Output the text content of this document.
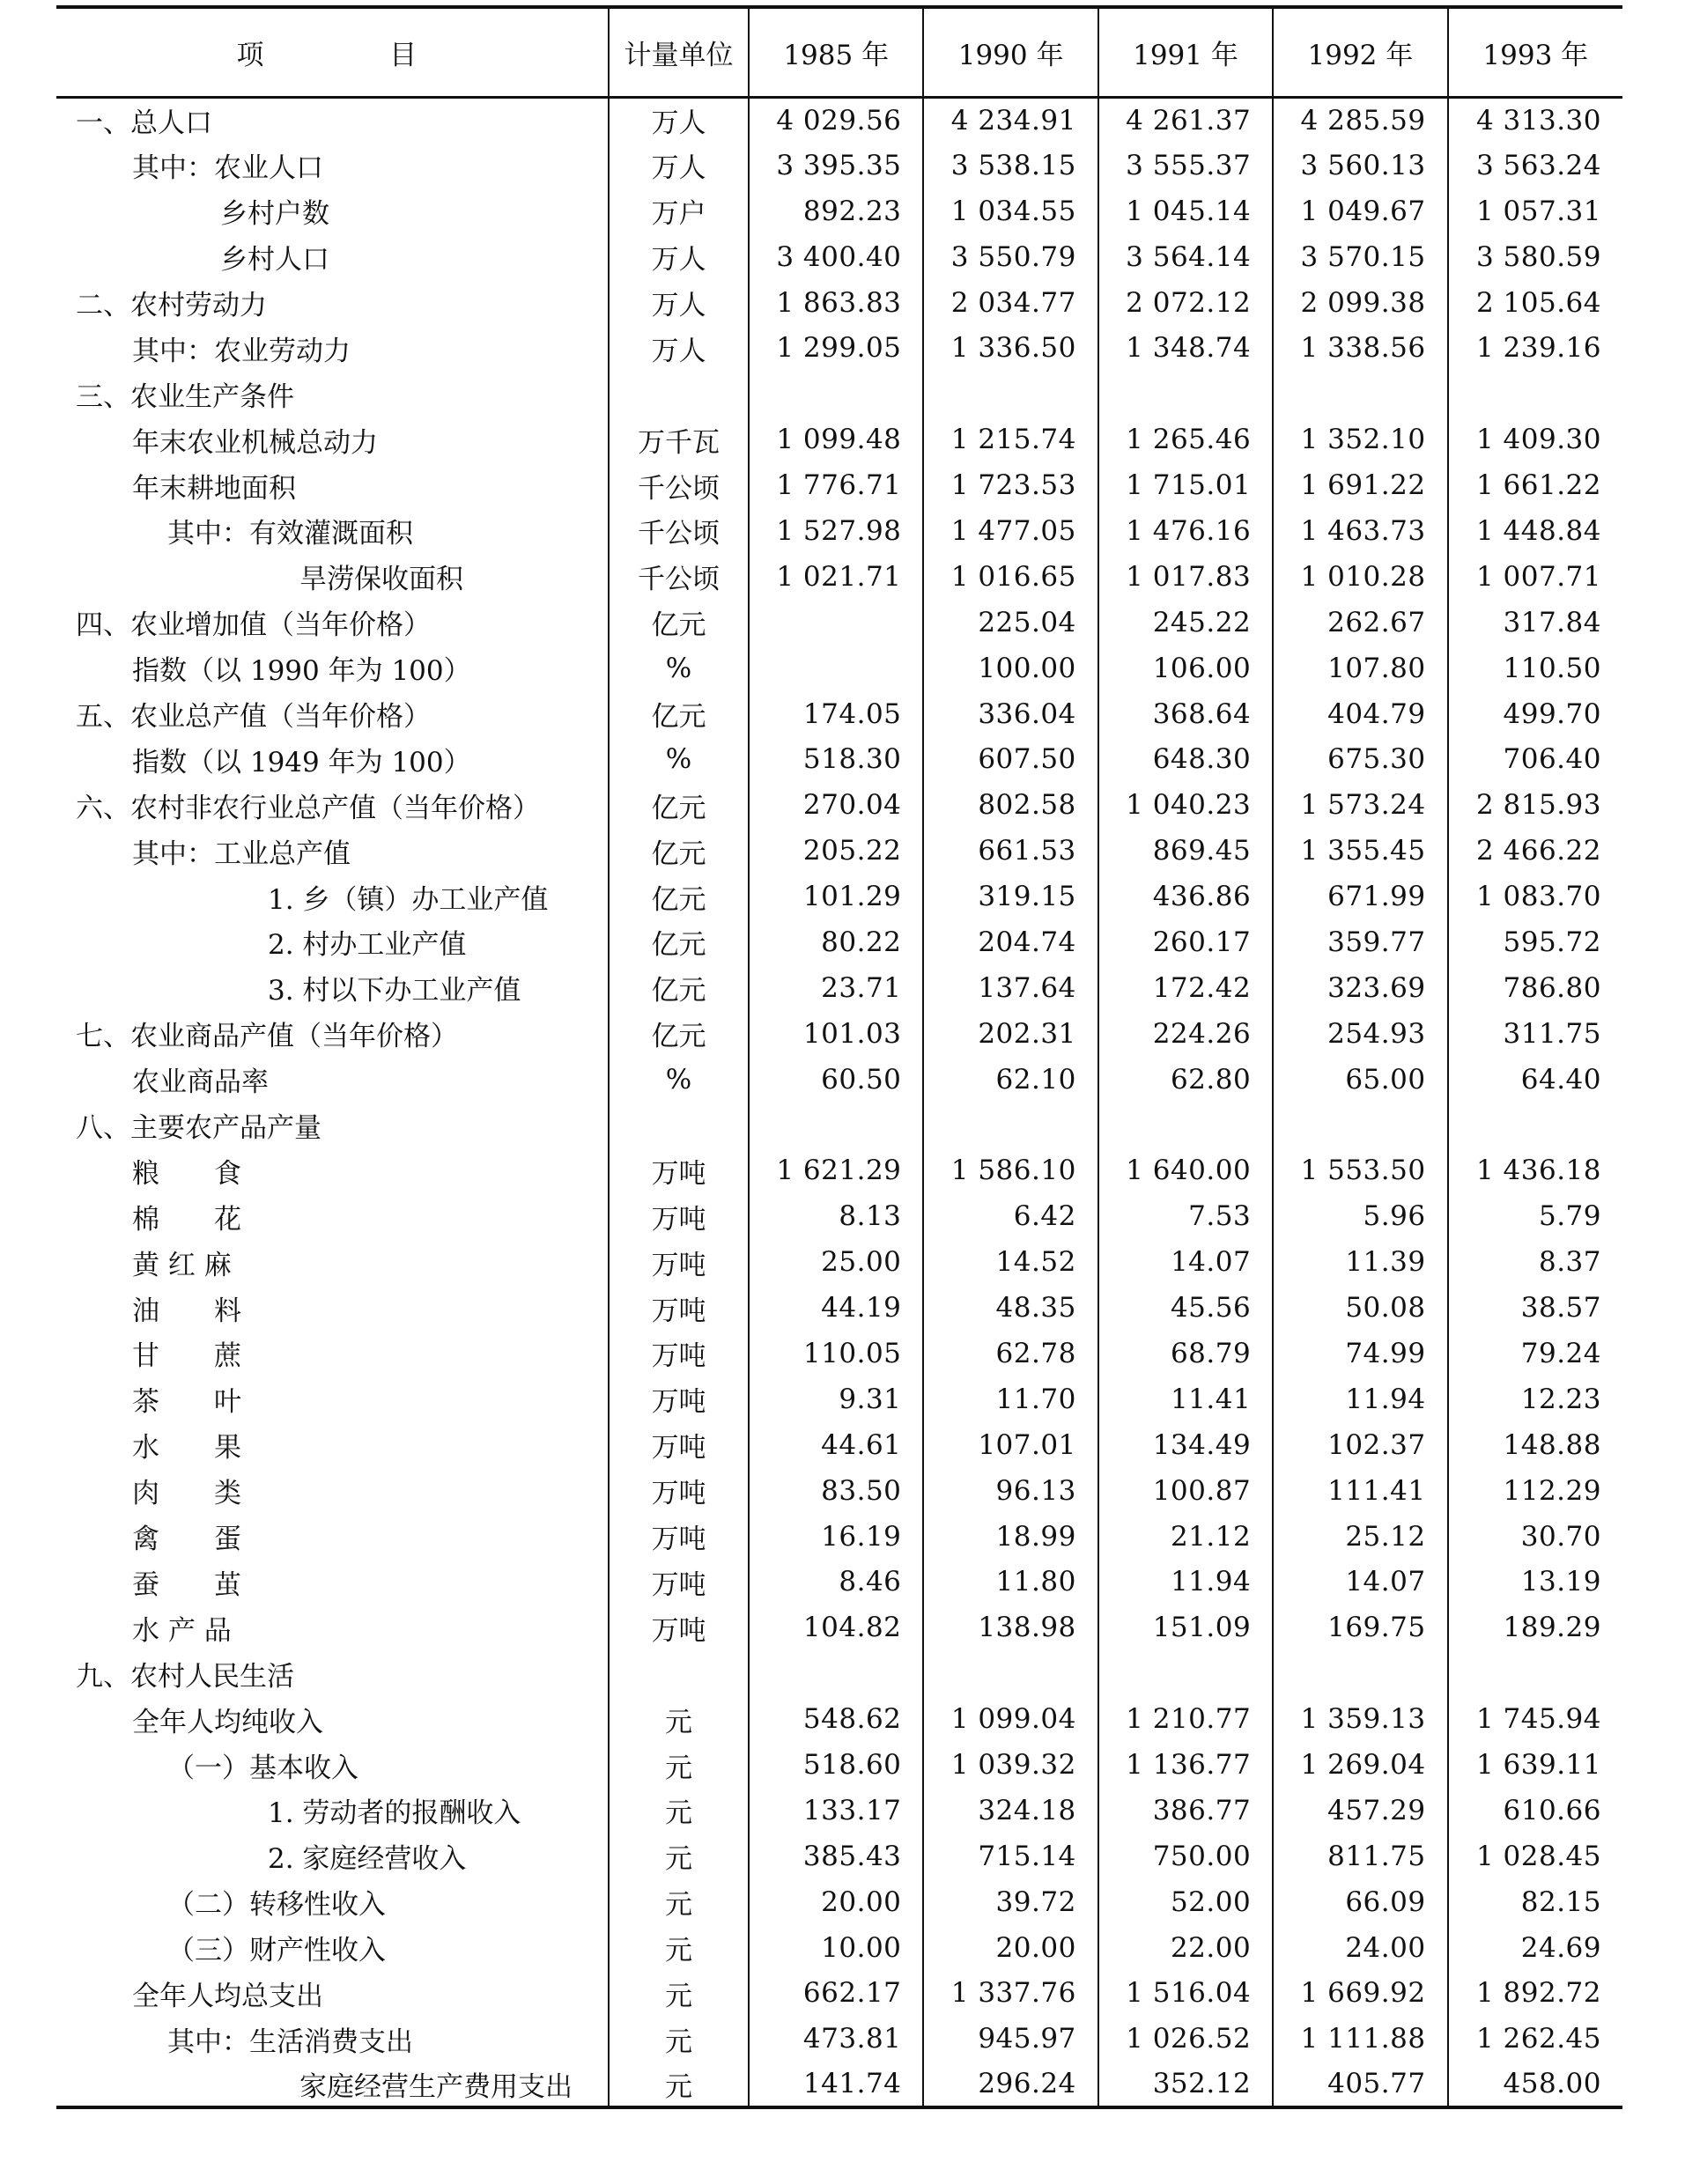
项　　　目	计量单位	1985 年	1990 年	1991 年	1992 年	1993 年
一、总人口	万人	4 029.56	4 234.91	4 261.37	4 285.59	4 313.30
其中：农业人口	万人	3 395.35	3 538.15	3 555.37	3 560.13	3 563.24
乡村户数	万户	892.23	1 034.55	1 045.14	1 049.67	1 057.31
乡村人口	万人	3 400.40	3 550.79	3 564.14	3 570.15	3 580.59
二、农村劳动力	万人	1 863.83	2 034.77	2 072.12	2 099.38	2 105.64
其中：农业劳动力	万人	1 299.05	1 336.50	1 348.74	1 338.56	1 239.16
三、农业生产条件						
年末农业机械总动力	万千瓦	1 099.48	1 215.74	1 265.46	1 352.10	1 409.30
年末耕地面积	千公顷	1 776.71	1 723.53	1 715.01	1 691.22	1 661.22
其中：有效灌溉面积	千公顷	1 527.98	1 477.05	1 476.16	1 463.73	1 448.84
旱涝保收面积	千公顷	1 021.71	1 016.65	1 017.83	1 010.28	1 007.71
四、农业增加值（当年价格）	亿元		225.04	245.22	262.67	317.84
指数（以 1990 年为 100）	%		100.00	106.00	107.80	110.50
五、农业总产值（当年价格）	亿元	174.05	336.04	368.64	404.79	499.70
指数（以 1949 年为 100）	%	518.30	607.50	648.30	675.30	706.40
六、农村非农行业总产值（当年价格）	亿元	270.04	802.58	1 040.23	1 573.24	2 815.93
其中：工业总产值	亿元	205.22	661.53	869.45	1 355.45	2 466.22
1. 乡（镇）办工业产值	亿元	101.29	319.15	436.86	671.99	1 083.70
2. 村办工业产值	亿元	80.22	204.74	260.17	359.77	595.72
3. 村以下办工业产值	亿元	23.71	137.64	172.42	323.69	786.80
七、农业商品产值（当年价格）	亿元	101.03	202.31	224.26	254.93	311.75
农业商品率	%	60.50	62.10	62.80	65.00	64.40
八、主要农产品产量						
粮　　食	万吨	1 621.29	1 586.10	1 640.00	1 553.50	1 436.18
棉　　花	万吨	8.13	6.42	7.53	5.96	5.79
黄 红 麻	万吨	25.00	14.52	14.07	11.39	8.37
油　　料	万吨	44.19	48.35	45.56	50.08	38.57
甘　　蔗	万吨	110.05	62.78	68.79	74.99	79.24
茶　　叶	万吨	9.31	11.70	11.41	11.94	12.23
水　　果	万吨	44.61	107.01	134.49	102.37	148.88
肉　　类	万吨	83.50	96.13	100.87	111.41	112.29
禽　　蛋	万吨	16.19	18.99	21.12	25.12	30.70
蚕　　茧	万吨	8.46	11.80	11.94	14.07	13.19
水 产 品	万吨	104.82	138.98	151.09	169.75	189.29
九、农村人民生活						
全年人均纯收入	元	548.62	1 099.04	1 210.77	1 359.13	1 745.94
（一）基本收入	元	518.60	1 039.32	1 136.77	1 269.04	1 639.11
1. 劳动者的报酬收入	元	133.17	324.18	386.77	457.29	610.66
2. 家庭经营收入	元	385.43	715.14	750.00	811.75	1 028.45
（二）转移性收入	元	20.00	39.72	52.00	66.09	82.15
（三）财产性收入	元	10.00	20.00	22.00	24.00	24.69
全年人均总支出	元	662.17	1 337.76	1 516.04	1 669.92	1 892.72
其中：生活消费支出	元	473.81	945.97	1 026.52	1 111.88	1 262.45
家庭经营生产费用支出	元	141.74	296.24	352.12	405.77	458.00
